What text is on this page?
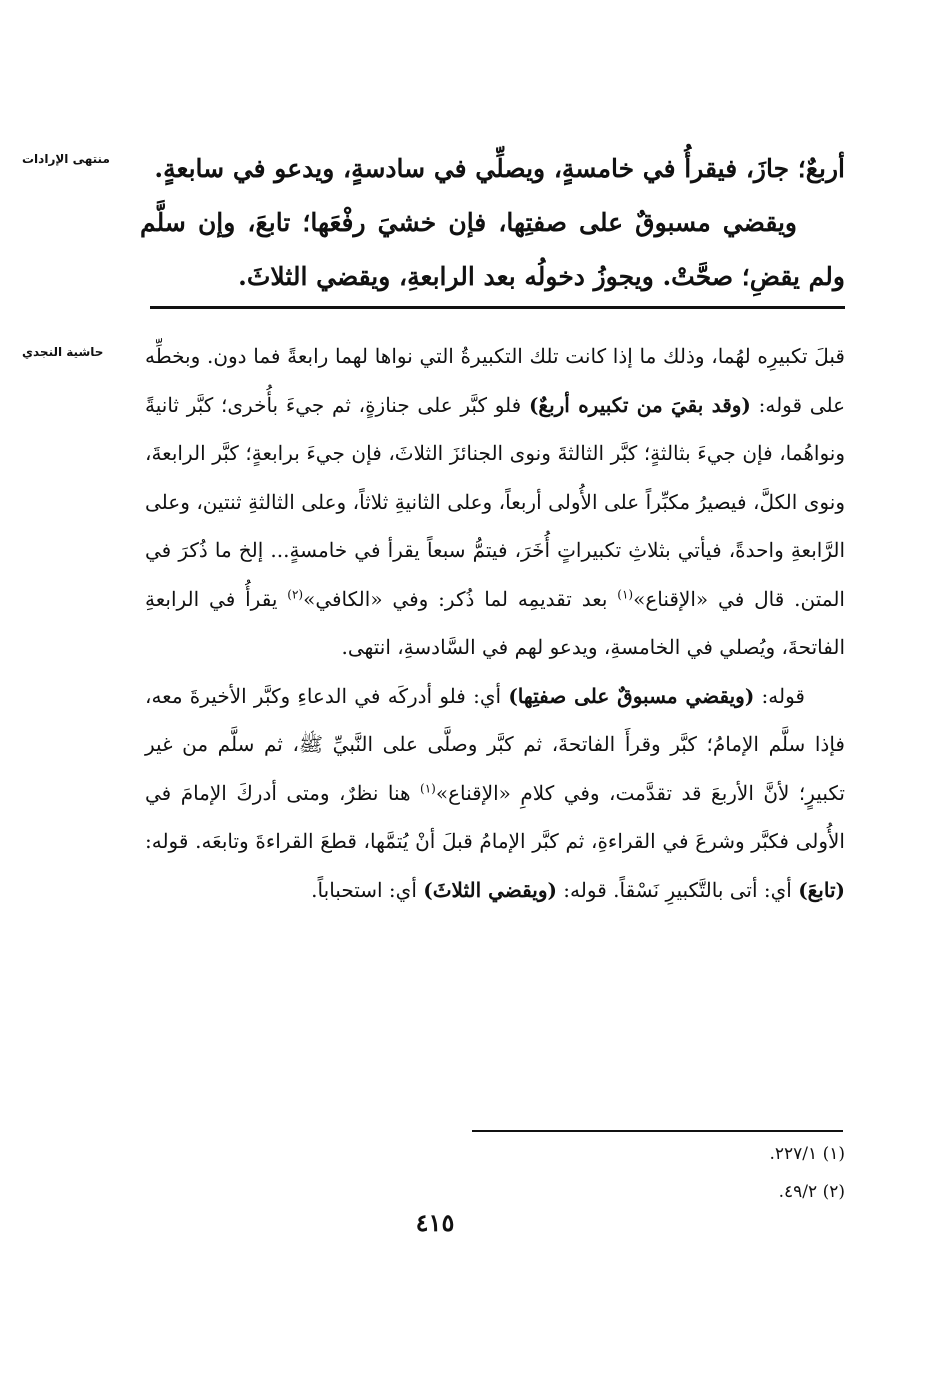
منتهى الإرادات
حاشية النجدي

أربعٌ؛ جازَ، فيقرأُ في خامسةٍ، ويصلِّي في سادسةٍ، ويدعو في سابعةٍ.

ويقضي مسبوقٌ على صفتِها، فإن خشيَ رفْعَها؛ تابعَ، وإن سلَّم ولم يقضِ؛ صحَّتْ. ويجوزُ دخولُه بعد الرابعةِ، ويقضي الثلاثَ.

قبلَ تكبيرِه لهُما، وذلك ما إذا كانت تلك التكبيرةُ التي نواها لهما رابعةً فما دون. وبخطِّه على قوله: (وقد بقيَ من تكبيره أربعٌ) فلو كبَّر على جنازةٍ، ثم جيءَ بأُخرى؛ كبَّر ثانيةً ونواهُما، فإن جيءَ بثالثةٍ؛ كبَّر الثالثةَ ونوى الجنائزَ الثلاثَ، فإن جيءَ برابعةٍ؛ كبَّر الرابعةَ، ونوى الكلَّ، فيصيرُ مكبِّراً على الأُولى أربعاً، وعلى الثانيةِ ثلاثاً، وعلى الثالثةِ ثنتين، وعلى الرَّابعةِ واحدةً، فيأتي بثلاثِ تكبيراتٍ أُخَرَ، فيتمُّ سبعاً يقرأ في خامسةٍ... إلخ ما ذُكرَ في المتن. قال في «الإقناع»$^{(١)}$ بعد تقديمِه لما ذُكر: وفي «الكافي»$^{(٢)}$ يقرأُ في الرابعةِ الفاتحةَ، ويُصلي في الخامسةِ، ويدعو لهم في السَّادسةِ، انتهى.

قوله: (ويقضي مسبوقٌ على صفتِها) أي: فلو أدركَه في الدعاءِ وكبَّر الأخيرةَ معه، فإذا سلَّم الإمامُ؛ كبَّر وقرأَ الفاتحةَ، ثم كبَّر وصلَّى على النَّبيِّ ﷺ، ثم سلَّم من غير تكبيرٍ؛ لأنَّ الأربعَ قد تقدَّمت، وفي كلامِ «الإقناع»$^{(١)}$ هنا نظرٌ، ومتى أدركَ الإمامَ في الأُولى فكبَّر وشرعَ في القراءةِ، ثم كبَّر الإمامُ قبلَ أنْ يُتمَّها، قطعَ القراءةَ وتابعَه. قوله: (تابعَ) أي: أتى بالتَّكبيرِ نَسْقاً. قوله: (ويقضي الثلاثَ) أي: استحباباً.

(١) ٢٢٧/١.
(٢) ٤٩/٢.
٤١٥
